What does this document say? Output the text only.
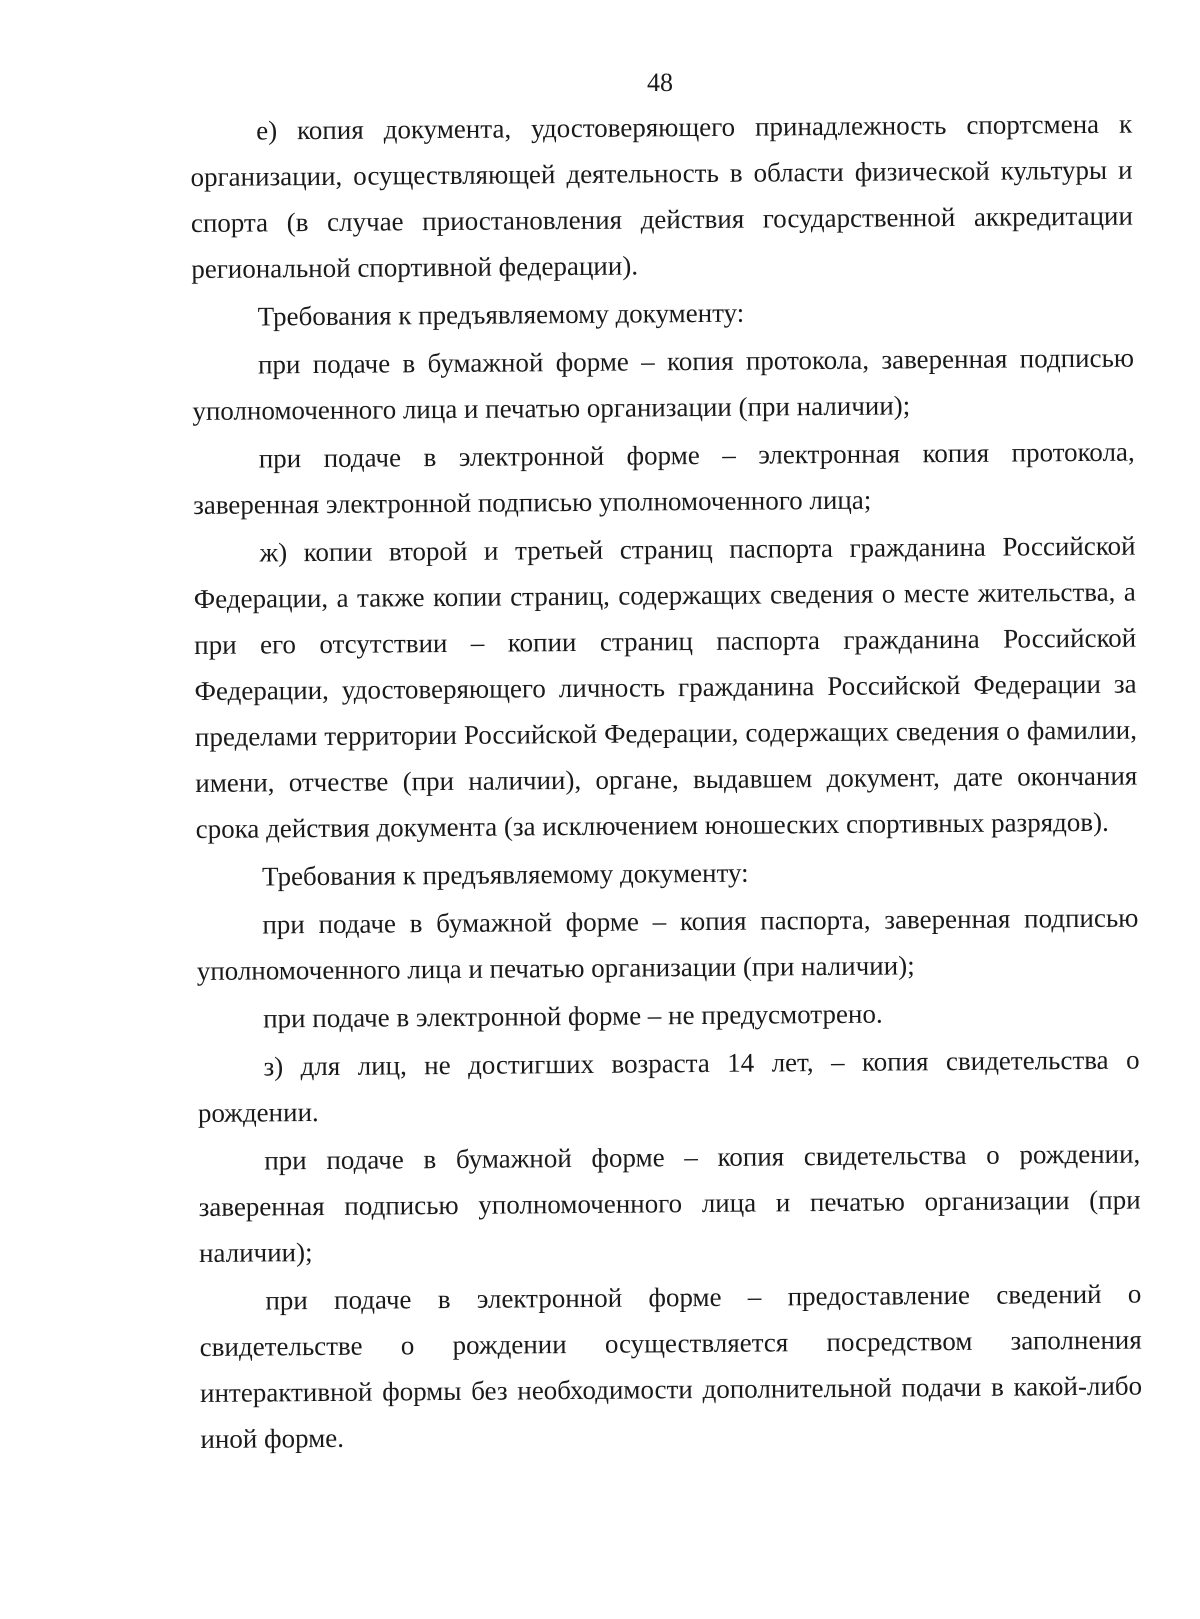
48

е) копия документа, удостоверяющего принадлежность спортсмена к организации, осуществляющей деятельность в области физической культуры и спорта (в случае приостановления действия государственной аккредитации региональной спортивной федерации).

Требования к предъявляемому документу:

при подаче в бумажной форме – копия протокола, заверенная подписью уполномоченного лица и печатью организации (при наличии);

при подаче в электронной форме – электронная копия протокола, заверенная электронной подписью уполномоченного лица;

ж) копии второй и третьей страниц паспорта гражданина Российской Федерации, а также копии страниц, содержащих сведения о месте жительства, а при его отсутствии – копии страниц паспорта гражданина Российской Федерации, удостоверяющего личность гражданина Российской Федерации за пределами территории Российской Федерации, содержащих сведения о фамилии, имени, отчестве (при наличии), органе, выдавшем документ, дате окончания срока действия документа (за исключением юношеских спортивных разрядов).

Требования к предъявляемому документу:

при подаче в бумажной форме – копия паспорта, заверенная подписью уполномоченного лица и печатью организации (при наличии);

при подаче в электронной форме – не предусмотрено.

з) для лиц, не достигших возраста 14 лет, – копия свидетельства о рождении.

при подаче в бумажной форме – копия свидетельства о рождении, заверенная подписью уполномоченного лица и печатью организации (при наличии);

при подаче в электронной форме – предоставление сведений о свидетельстве о рождении осуществляется посредством заполнения интерактивной формы без необходимости дополнительной подачи в какой-либо иной форме.
